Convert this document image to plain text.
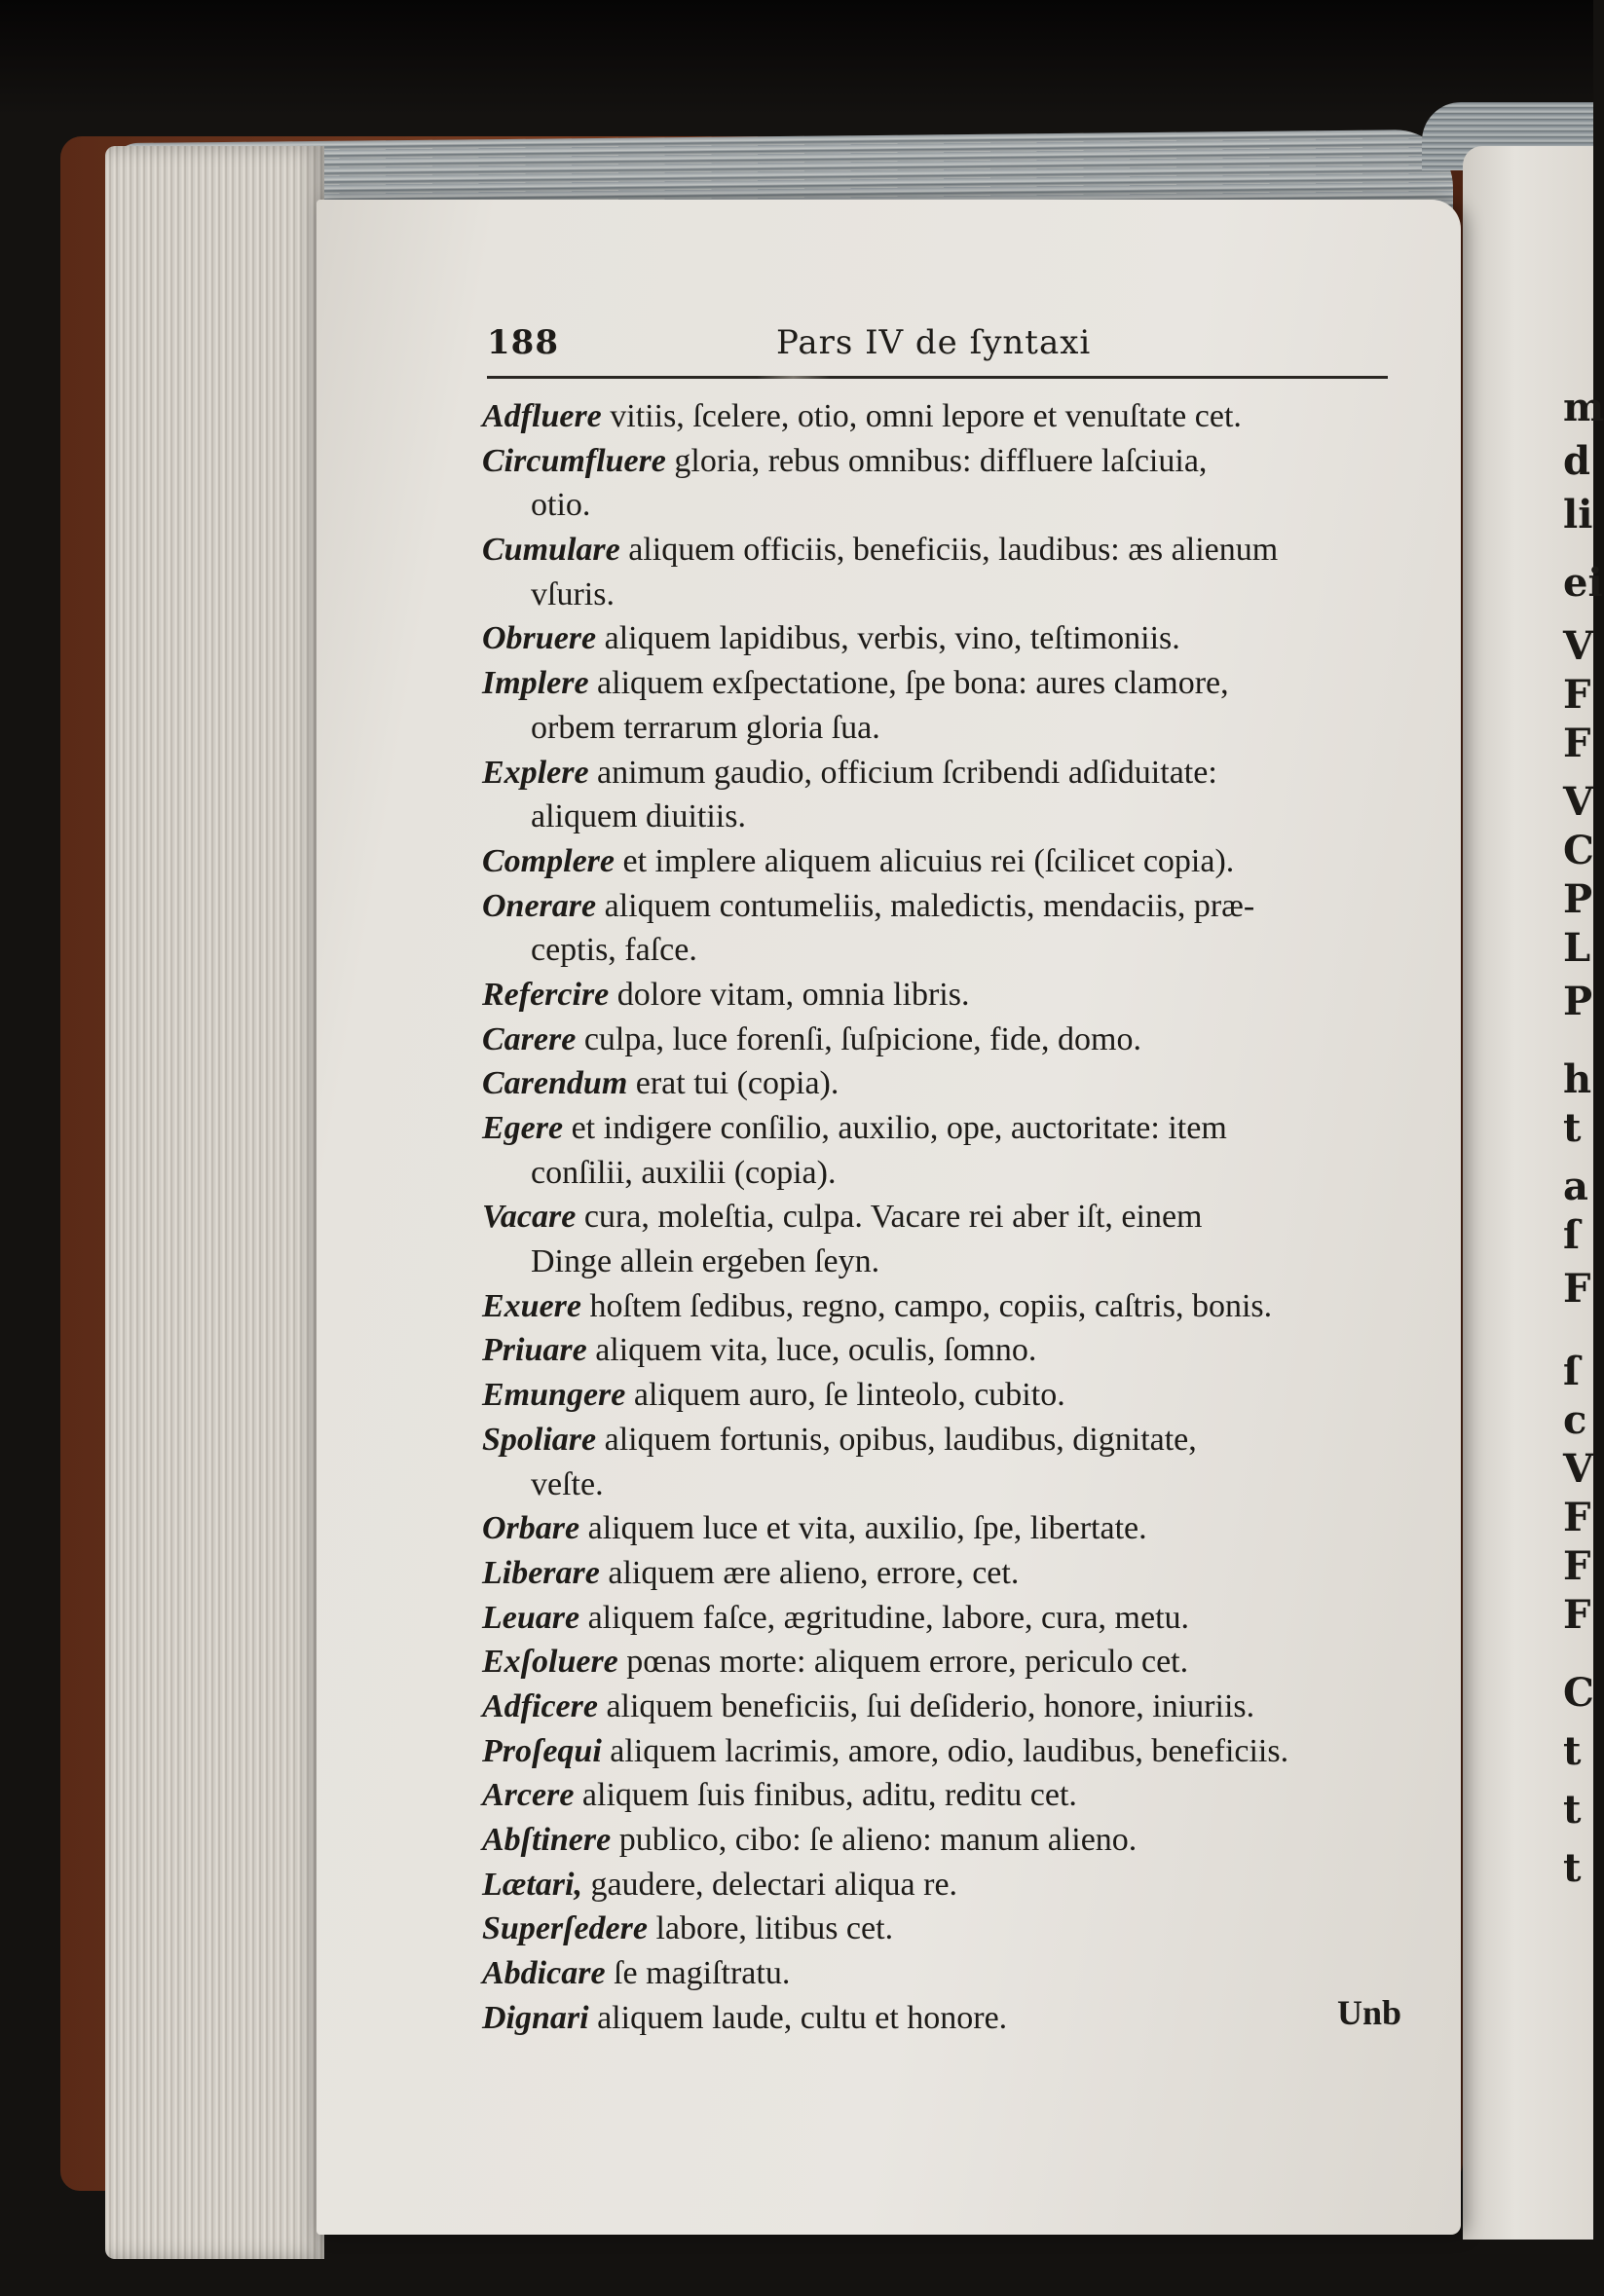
m
d
li
ei
V
F
F
V
C
P
L
P
h
t
a
ſ
F
ſ
c
V
F
F
F
C
t
t
t
188	Pars IV de ſyntaxi
Adfluere vitiis, ſcelere, otio, omni lepore et venuſtate cet.
Circumfluere gloria, rebus omnibus: diffluere laſciuia,
otio.
Cumulare aliquem officiis, beneficiis, laudibus: æs alienum
vſuris.
Obruere aliquem lapidibus, verbis, vino, teſtimoniis.
Implere aliquem exſpectatione, ſpe bona: aures clamore,
orbem terrarum gloria ſua.
Explere animum gaudio, officium ſcribendi adſiduitate:
aliquem diuitiis.
Complere et implere aliquem alicuius rei (ſcilicet copia).
Onerare aliquem contumeliis, maledictis, mendaciis, præ-
ceptis, faſce.
Refercire dolore vitam, omnia libris.
Carere culpa, luce forenſi, ſuſpicione, fide, domo.
Carendum erat tui (copia).
Egere et indigere conſilio, auxilio, ope, auctoritate: item
conſilii, auxilii (copia).
Vacare cura, moleſtia, culpa. Vacare rei aber iſt, einem
Dinge allein ergeben ſeyn.
Exuere hoſtem ſedibus, regno, campo, copiis, caſtris, bonis.
Priuare aliquem vita, luce, oculis, ſomno.
Emungere aliquem auro, ſe linteolo, cubito.
Spoliare aliquem fortunis, opibus, laudibus, dignitate,
veſte.
Orbare aliquem luce et vita, auxilio, ſpe, libertate.
Liberare aliquem ære alieno, errore, cet.
Leuare aliquem faſce, ægritudine, labore, cura, metu.
Exſoluere pœnas morte: aliquem errore, periculo cet.
Adficere aliquem beneficiis, ſui deſiderio, honore, iniuriis.
Proſequi aliquem lacrimis, amore, odio, laudibus, beneficiis.
Arcere aliquem ſuis finibus, aditu, reditu cet.
Abſtinere publico, cibo: ſe alieno: manum alieno.
Lætari, gaudere, delectari aliqua re.
Superſedere labore, litibus cet.
Abdicare ſe magiſtratu.
Dignari aliquem laude, cultu et honore.	Unb
